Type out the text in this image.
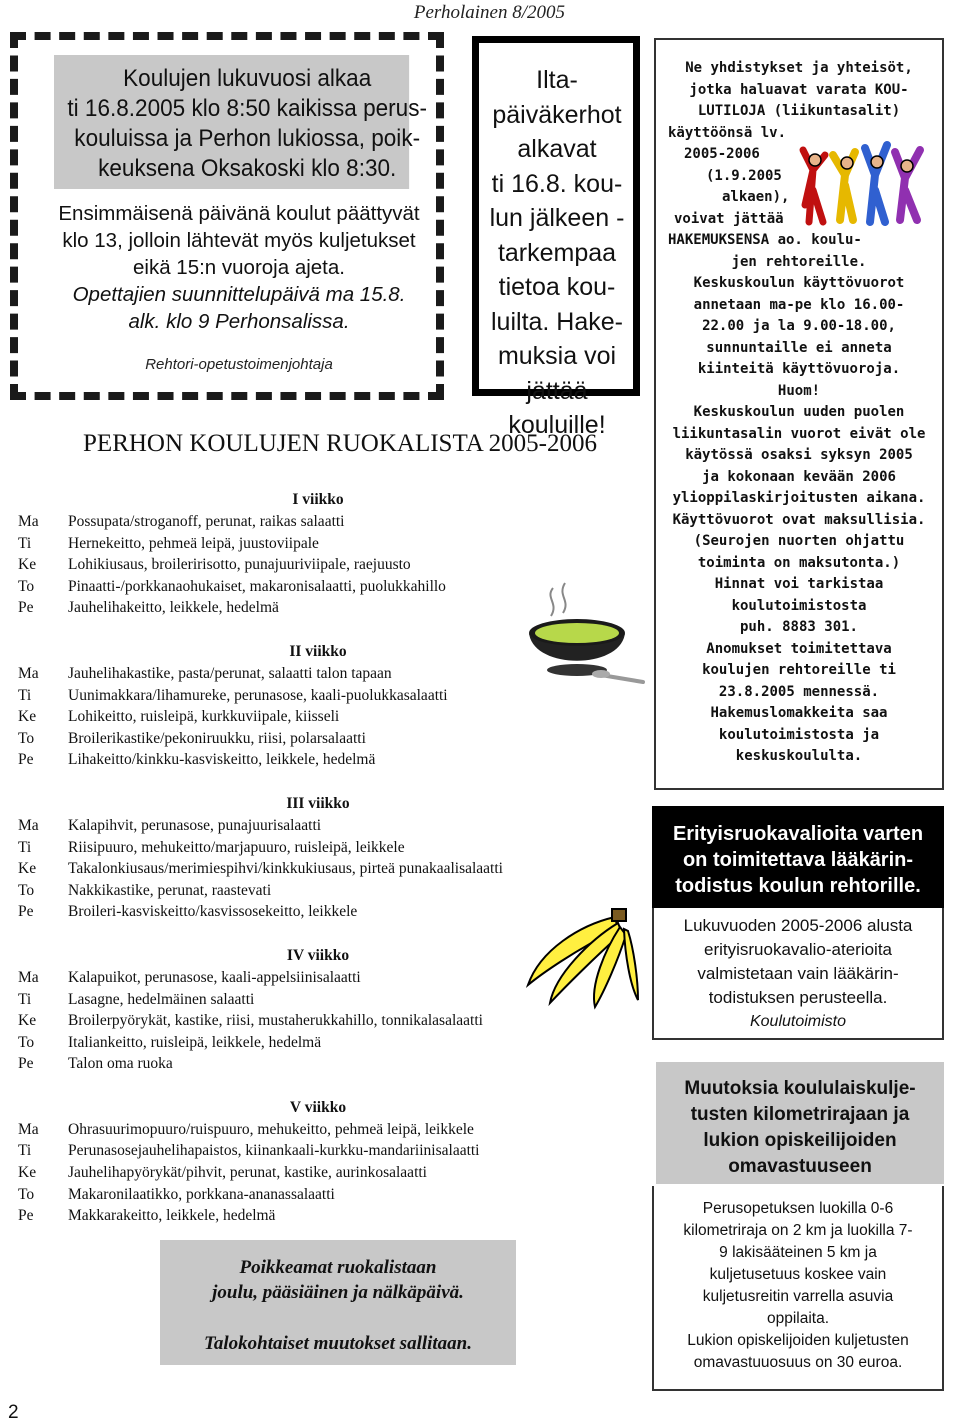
Perholainen 8/2005
Koulujen lukuvuosi alkaa
ti 16.8.2005 klo 8:50 kaikissa perus-
kouluissa ja Perhon lukiossa, poik-
keuksena Oksakoski klo 8:30.
Ensimmäisenä päivänä koulut päättyvät
klo 13, jolloin lähtevät myös kuljetukset
eikä 15:n vuoroja ajeta.
Opettajien suunnittelupäivä ma 15.8.
alk. klo 9 Perhonsalissa.
Rehtori-opetustoimenjohtaja
Ilta-
päiväkerhot
alkavat
ti 16.8. kou-
lun jälkeen -
tarkempaa
tietoa kou-
luilta. Hake-
muksia voi
jättää kouluille!
PERHON KOULUJEN RUOKALISTA 2005-2006
I viikko
Ma Possupata/stroganoff, perunat, raikas salaatti
Ti Hernekeitto, pehmeä leipä, juustoviipale
Ke Lohikiusaus, broileririsotto, punajuuriviipale, raejuusto
To Pinaatti-/porkkanaohukaiset, makaronisalaatti, puolukkahillo
Pe Jauhelihakeitto, leikkele, hedelmä
II viikko
Ma Jauhelihakastike, pasta/perunat, salaatti talon tapaan
Ti Uunimakkara/lihamureke, perunasose, kaali-puolukkasalaatti
Ke Lohikeitto, ruisleipä, kurkkuviipale, kiisseli
To Broilerikastike/pekoniruukku, riisi, polarsalaatti
Pe Lihakeitto/kinkku-kasviskeitto, leikkele, hedelmä
III viikko
Ma Kalapihvit, perunasose, punajuurisalaatti
Ti Riisipuuro, mehukeitto/marjapuuro, ruisleipä, leikkele
Ke Takalonkiusaus/merimiespihvi/kinkkukiusaus, pirteä punakaalisalaatti
To Nakkikastike, perunat, raastevati
Pe Broileri-kasviskeitto/kasvissosekeitto, leikkele
IV viikko
Ma Kalapuikot, perunasose, kaali-appelsiinisalaatti
Ti Lasagne, hedelmäinen salaatti
Ke Broilerpyörykät, kastike, riisi, mustaherukkahillo, tonnikalasalaatti
To Italiankeitto, ruisleipä, leikkele, hedelmä
Pe Talon oma ruoka
V viikko
Ma Ohrasuurimopuuro/ruispuuro, mehukeitto, pehmeä leipä, leikkele
Ti Perunasosejauhelihapaistos, kiinankaali-kurkku-mandariinisalaatti
Ke Jauhelihapyörykät/pihvit, perunat, kastike, aurinkosalaatti
To Makaronilaatikko, porkkana-ananassalaatti
Pe Makkarakeitto, leikkele, hedelmä
Poikkeamat ruokalistaan
joulu, pääsiäinen ja nälkäpäivä.
Talokohtaiset muutokset sallitaan.
Ne yhdistykset ja yhteisöt,
jotka haluavat varata KOU-
LUTILOJA (liikuntasalit)
käyttöönsä lv.
2005-2006
(1.9.2005
alkaen),
voivat jättää
HAKEMUKSENSA ao. koulu-
jen rehtoreille.
Keskuskoulun käyttövuorot
annetaan ma-pe klo 16.00-
22.00 ja la 9.00-18.00,
sunnuntaille ei anneta
kiinteitä käyttövuoroja.
Huom!
Keskuskoulun uuden puolen
liikuntasalin vuorot eivät ole
käytössä osaksi syksyn 2005
ja kokonaan kevään 2006
ylioppilaskirjoitusten aikana.
Käyttövuorot ovat maksullisia.
(Seurojen nuorten ohjattu
toiminta on maksutonta.)
Hinnat voi tarkistaa
koulutoimistosta
puh. 8883 301.
Anomukset toimitettava
koulujen rehtoreille ti
23.8.2005 mennessä.
Hakemuslomakkeita saa
koulutoimistosta ja
keskuskoululta.
Erityisruokavalioita varten
on toimitettava lääkärin-
todistus koulun rehtorille.
Lukuvuoden 2005-2006 alusta
erityisruokavalio-aterioita
valmistetaan vain lääkärin-
todistuksen perusteella.
Koulutoimisto
Muutoksia koululaiskulje-
tusten kilometrirajaan ja
lukion opiskeilijoiden
omavastuuseen
Perusopetuksen luokilla 0-6
kilometriraja on 2 km ja luokilla 7-
9 lakisääteinen 5 km ja
kuljetusetuus koskee vain
kuljetusreitin varrella asuvia
oppilaita.
Lukion opiskelijoiden kuljetusten
omavastuuosuus on 30 euroa.
2
